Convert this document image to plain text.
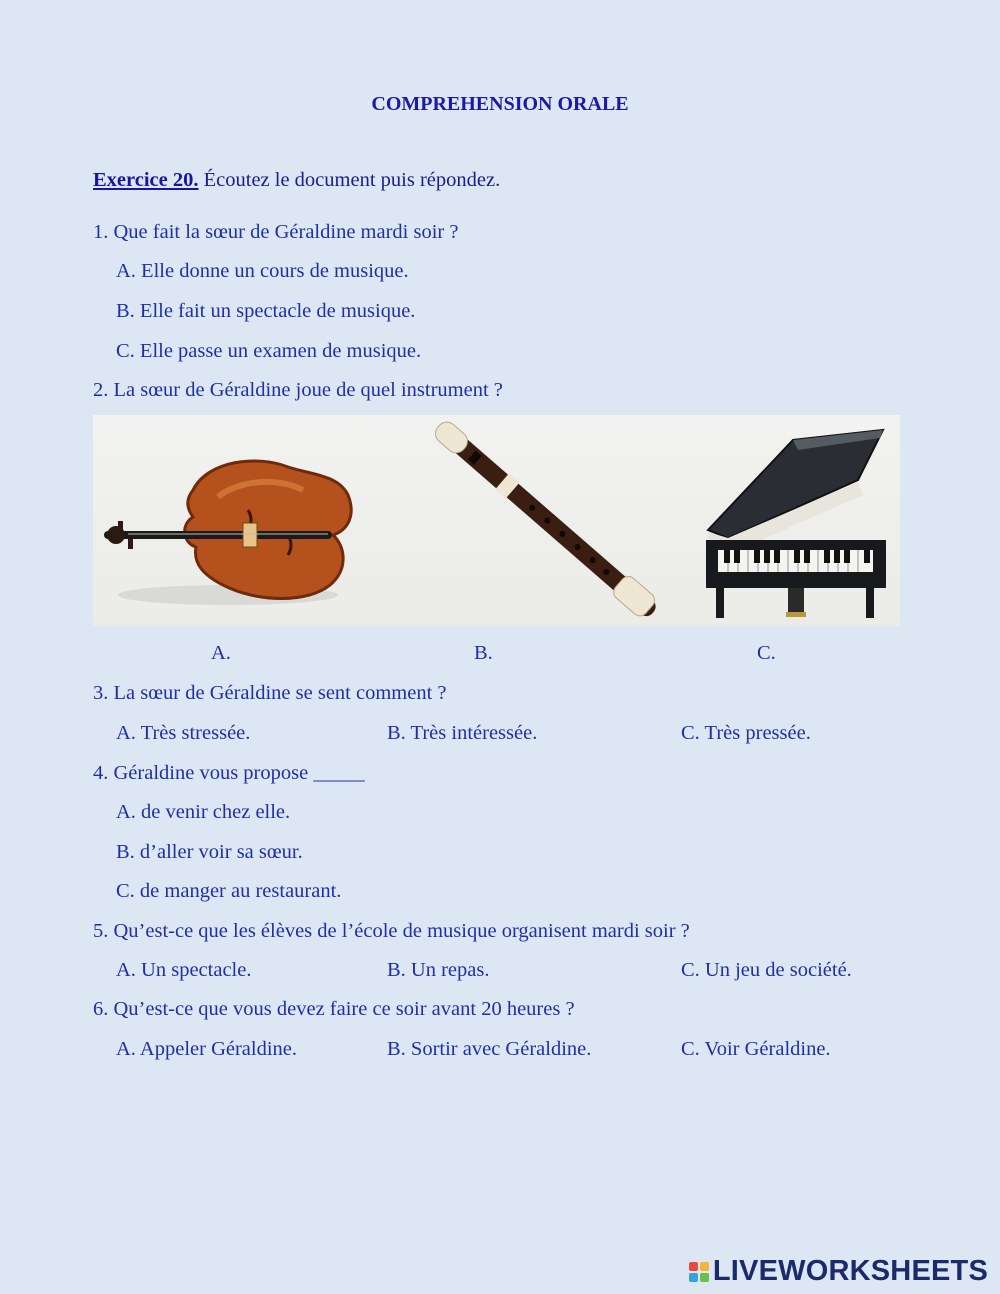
COMPREHENSION ORALE
Exercice 20. Écoutez le document puis répondez.
1. Que fait la sœur de Géraldine mardi soir ?
A. Elle donne un cours de musique.
B. Elle fait un spectacle de musique.
C. Elle passe un examen de musique.
2. La sœur de Géraldine joue de quel instrument ?
A.	B.	C.
3. La sœur de Géraldine se sent comment ?
A. Très stressée.	B. Très intéressée.	C. Très pressée.
4. Géraldine vous propose _____
A. de venir chez elle.
B. d’aller voir sa sœur.
C. de manger au restaurant.
5. Qu’est-ce que les élèves de l’école de musique organisent mardi soir ?
A. Un spectacle.	B. Un repas.	C. Un jeu de société.
6. Qu’est-ce que vous devez faire ce soir avant 20 heures ?
A. Appeler Géraldine.	B. Sortir avec Géraldine.	C. Voir Géraldine.
LIVEWORKSHEETS
